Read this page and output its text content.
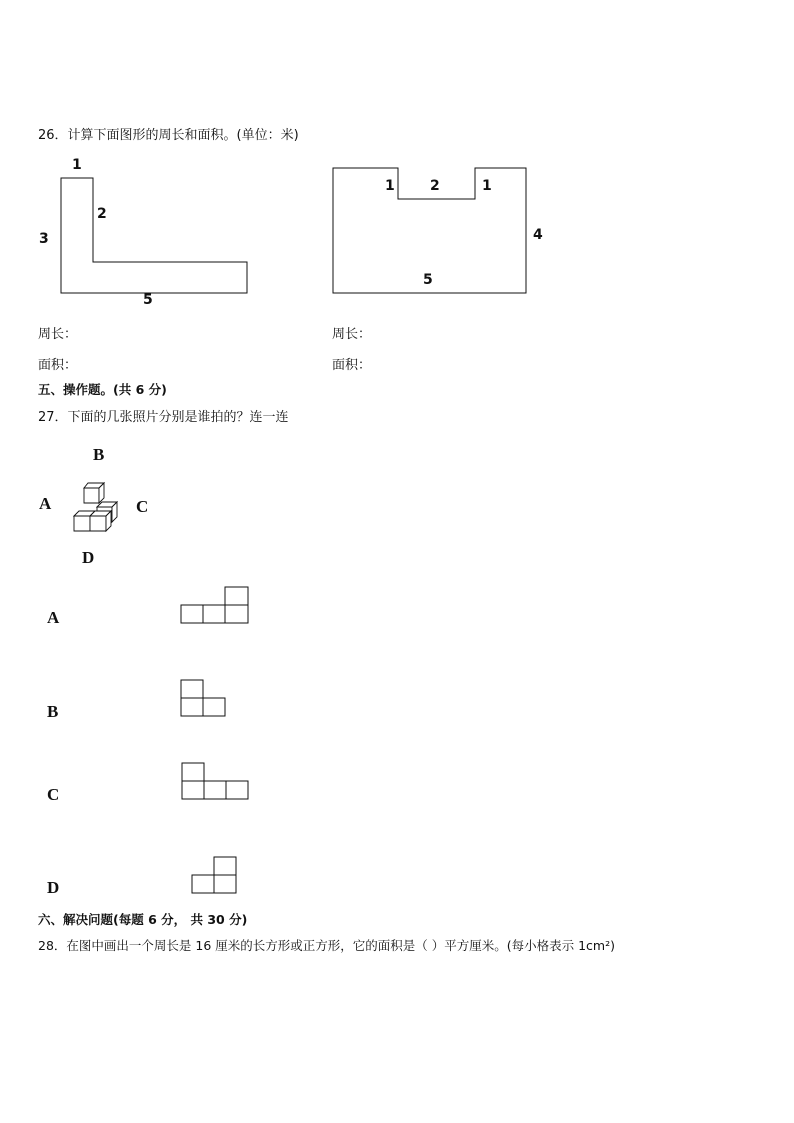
26．计算下面图形的周长和面积。(单位：米)
1
2
3
5
1	2	1
4
5
周长：	周长：
面积：	面积：
五、操作题。(共 6 分)
27．下面的几张照片分别是谁拍的？连一连
B
A	C
D
A
B
C
D
六、解决问题(每题 6 分， 共 30 分)
28．在图中画出一个周长是 16 厘米的长方形或正方形，它的面积是（ ）平方厘米。(每小格表示 1cm²)
